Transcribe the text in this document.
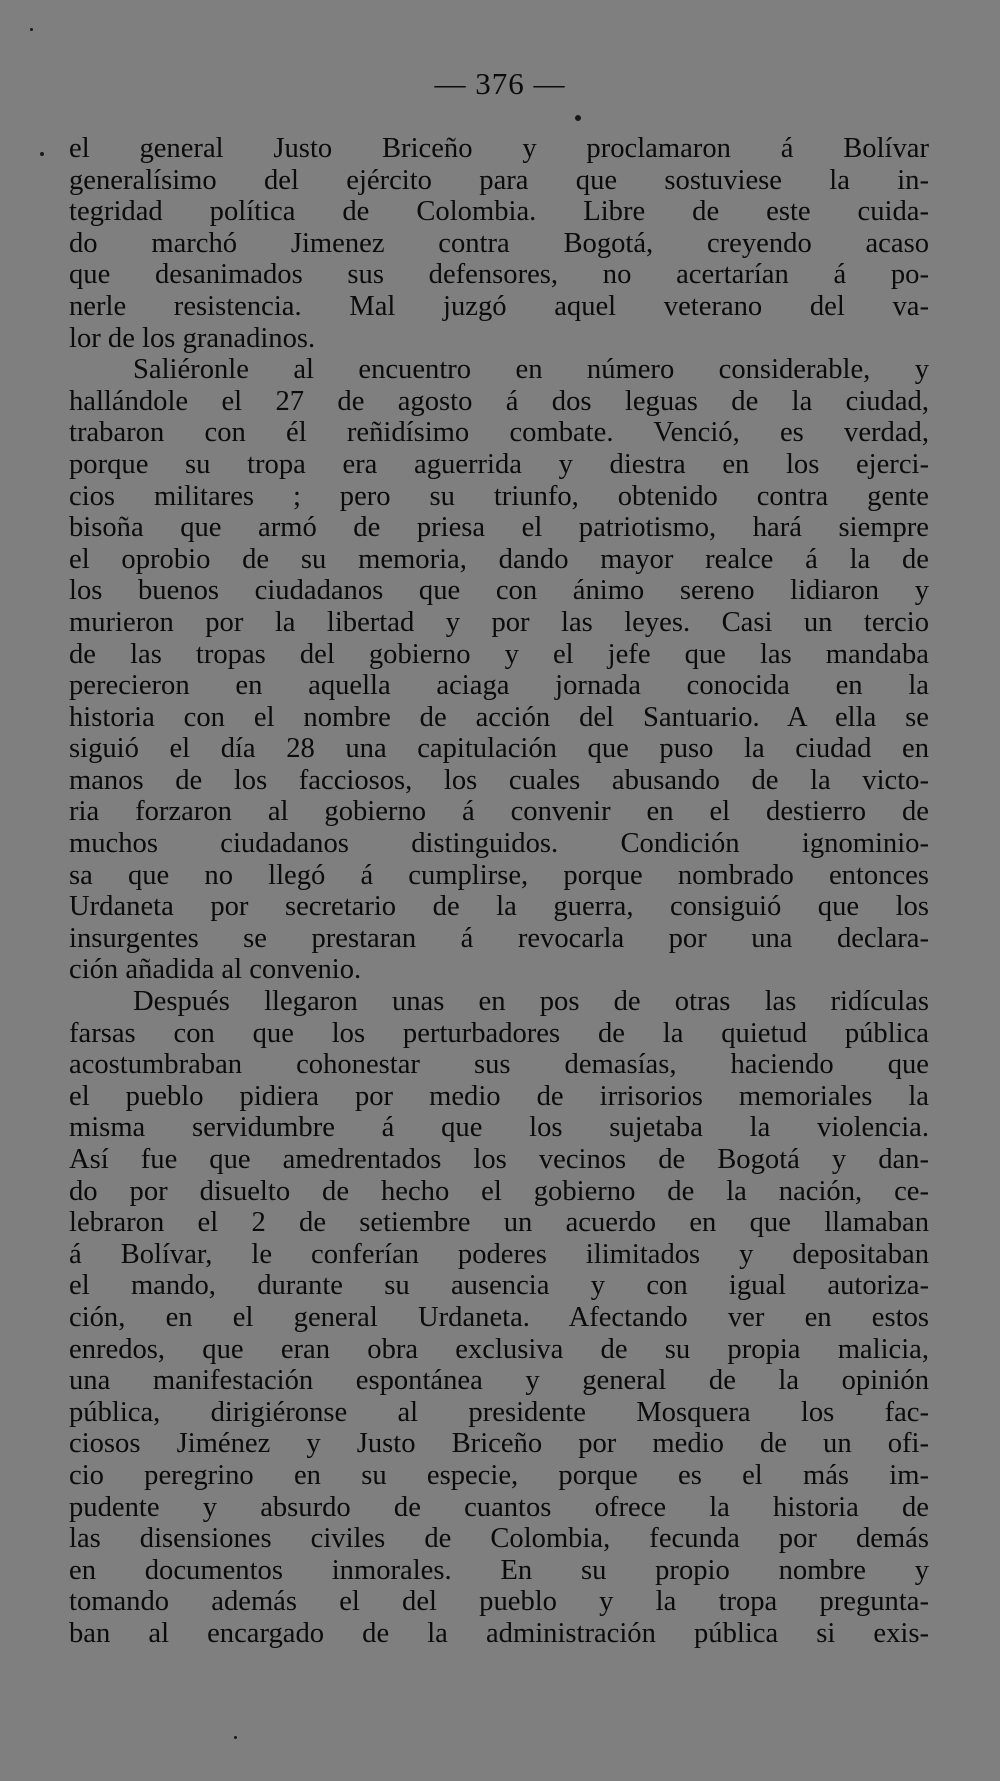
— 376 —
el general Justo Briceño y proclamaron á Bolívar
generalísimo del ejército para que sostuviese la in-
tegridad política de Colombia. Libre de este cuida-
do marchó Jimenez contra Bogotá, creyendo acaso
que desanimados sus defensores, no acertarían á po-
nerle resistencia. Mal juzgó aquel veterano del va-
lor de los granadinos.
Saliéronle al encuentro en número considerable, y
hallándole el 27 de agosto á dos leguas de la ciudad,
trabaron con él reñidísimo combate. Venció, es verdad,
porque su tropa era aguerrida y diestra en los ejerci-
cios militares ; pero su triunfo, obtenido contra gente
bisoña que armó de priesa el patriotismo, hará siempre
el oprobio de su memoria, dando mayor realce á la de
los buenos ciudadanos que con ánimo sereno lidiaron y
murieron por la libertad y por las leyes. Casi un tercio
de las tropas del gobierno y el jefe que las mandaba
perecieron en aquella aciaga jornada conocida en la
historia con el nombre de acción del Santuario. A ella se
siguió el día 28 una capitulación que puso la ciudad en
manos de los facciosos, los cuales abusando de la victo-
ria forzaron al gobierno á convenir en el destierro de
muchos ciudadanos distinguidos. Condición ignominio-
sa que no llegó á cumplirse, porque nombrado entonces
Urdaneta por secretario de la guerra, consiguió que los
insurgentes se prestaran á revocarla por una declara-
ción añadida al convenio.
Después llegaron unas en pos de otras las ridículas
farsas con que los perturbadores de la quietud pública
acostumbraban cohonestar sus demasías, haciendo que
el pueblo pidiera por medio de irrisorios memoriales la
misma servidumbre á que los sujetaba la violencia.
Así fue que amedrentados los vecinos de Bogotá y dan-
do por disuelto de hecho el gobierno de la nación, ce-
lebraron el 2 de setiembre un acuerdo en que llamaban
á Bolívar, le conferían poderes ilimitados y depositaban
el mando, durante su ausencia y con igual autoriza-
ción, en el general Urdaneta. Afectando ver en estos
enredos, que eran obra exclusiva de su propia malicia,
una manifestación espontánea y general de la opinión
pública, dirigiéronse al presidente Mosquera los fac-
ciosos Jiménez y Justo Briceño por medio de un ofi-
cio peregrino en su especie, porque es el más im-
pudente y absurdo de cuantos ofrece la historia de
las disensiones civiles de Colombia, fecunda por demás
en documentos inmorales. En su propio nombre y
tomando además el del pueblo y la tropa pregunta-
ban al encargado de la administración pública si exis-
